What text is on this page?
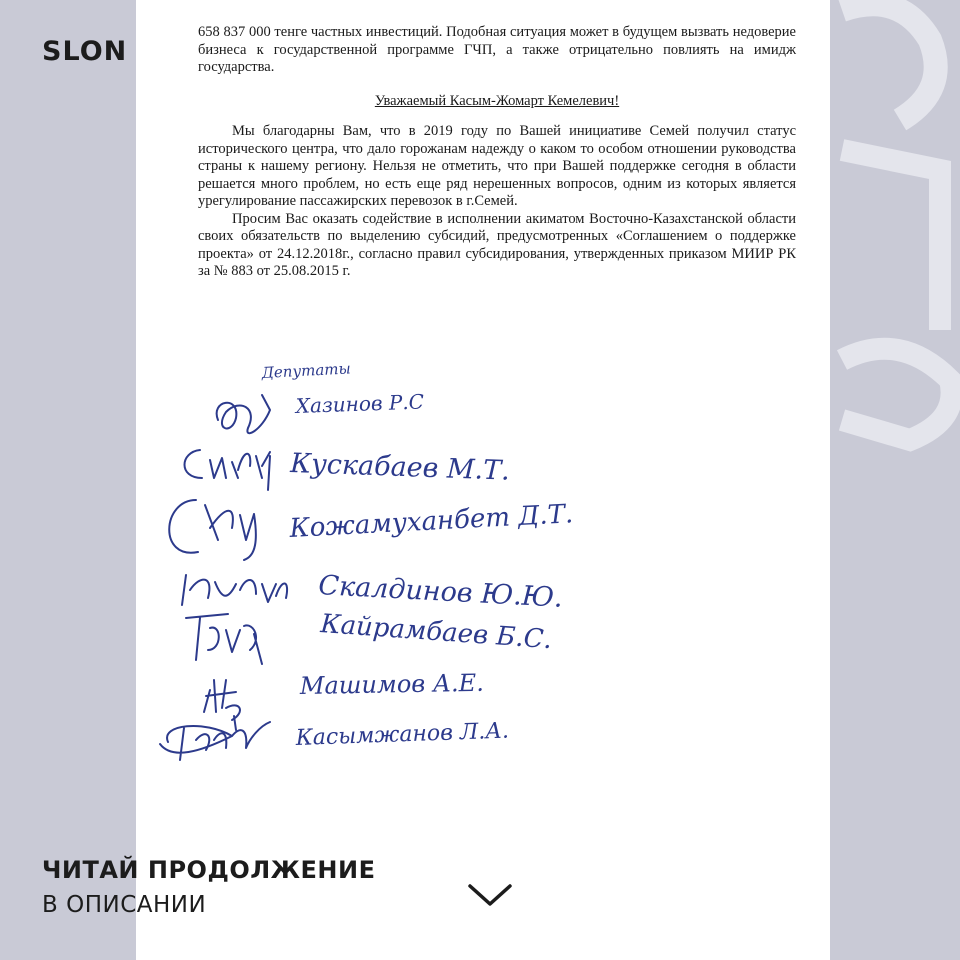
SLON

658 837 000 тенге частных инвестиций. Подобная ситуация может в будущем вызвать недоверие бизнеса к государственной программе ГЧП, а также отрицательно повлиять на имидж государства.

Уважаемый Касым-Жомарт Кемелевич!

Мы благодарны Вам, что в 2019 году по Вашей инициативе Семей получил статус исторического центра, что дало горожанам надежду о каком то особом отношении руководства страны к нашему региону. Нельзя не отметить, что при Вашей поддержке сегодня в области решается много проблем, но есть еще ряд нерешенных вопросов, одним из которых является урегулирование пассажирских перевозок в г.Семей.

Просим Вас оказать содействие в исполнении акиматом Восточно-Казахстанской области своих обязательств по выделению субсидий, предусмотренных «Соглашением о поддержке проекта» от 24.12.2018г., согласно правил субсидирования, утвержденных приказом МИИР РК за № 883 от 25.08.2015 г.

Депутаты
Хазинов Р.С
Кускабаев М.Т.
Кожамуханбет Д.Т.
Скалдинов Ю.Ю.
Кайрамбаев Б.С.
Машимов А.Е.
Касымжанов Л.А.
ЧИТАЙ ПРОДОЛЖЕНИЕ
В ОПИСАНИИ
